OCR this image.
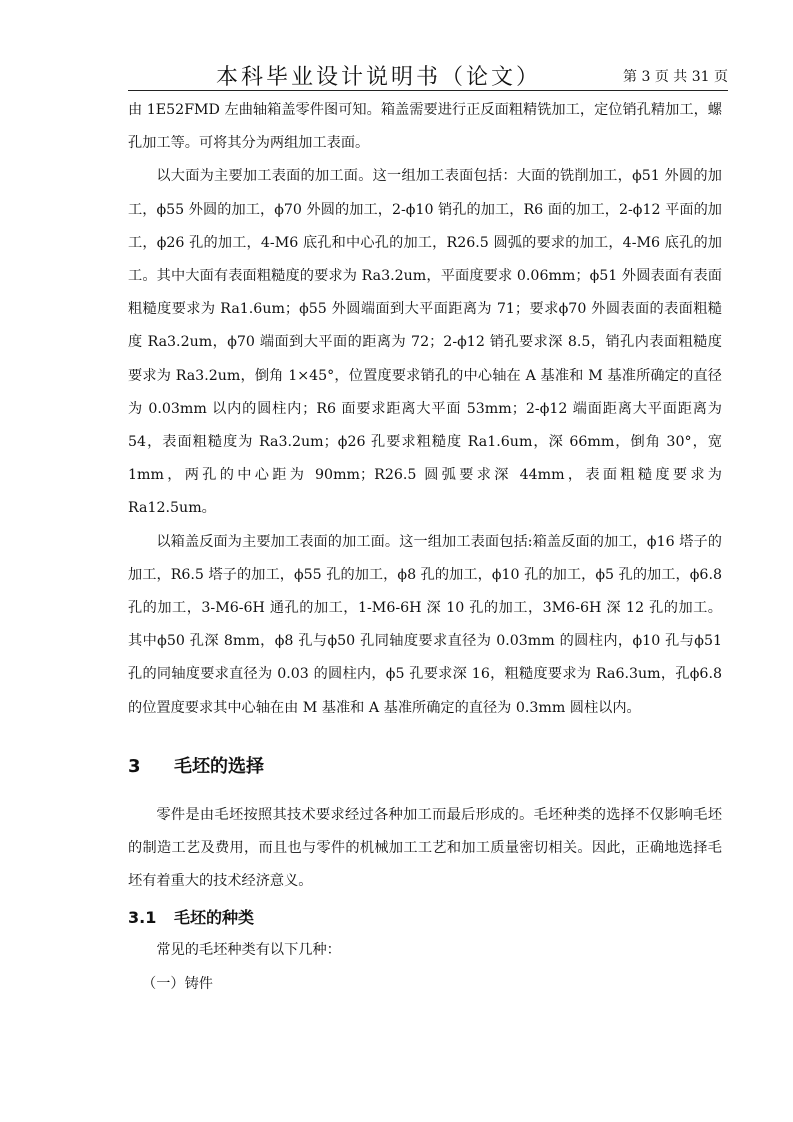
本科毕业设计说明书（论文）	第 3 页 共 31 页

由 1E52FMD 左曲轴箱盖零件图可知。箱盖需要进行正反面粗精铣加工，定位销孔精加工，螺孔加工等。可将其分为两组加工表面。

以大面为主要加工表面的加工面。这一组加工表面包括：大面的铣削加工，ϕ51 外圆的加工，ϕ55 外圆的加工，ϕ70 外圆的加工，2-ϕ10 销孔的加工，R6 面的加工，2-ϕ12 平面的加工，ϕ26 孔的加工，4-M6 底孔和中心孔的加工，R26.5 圆弧的要求的加工，4-M6 底孔的加工。其中大面有表面粗糙度的要求为 Ra3.2um，平面度要求 0.06mm；ϕ51 外圆表面有表面粗糙度要求为 Ra1.6um；ϕ55 外圆端面到大平面距离为 71；要求ϕ70 外圆表面的表面粗糙度 Ra3.2um，ϕ70 端面到大平面的距离为 72；2-ϕ12 销孔要求深 8.5，销孔内表面粗糙度要求为 Ra3.2um，倒角 1×45°，位置度要求销孔的中心轴在 A 基准和 M 基准所确定的直径为 0.03mm 以内的圆柱内；R6 面要求距离大平面 53mm；2-ϕ12 端面距离大平面距离为 54，表面粗糙度为 Ra3.2um；ϕ26 孔要求粗糙度 Ra1.6um，深 66mm，倒角 30°，宽 1mm，两孔的中心距为 90mm；R26.5 圆弧要求深 44mm，表面粗糙度要求为 Ra12.5um。

以箱盖反面为主要加工表面的加工面。这一组加工表面包括:箱盖反面的加工，ϕ16 塔子的加工，R6.5 塔子的加工，ϕ55 孔的加工，ϕ8 孔的加工，ϕ10 孔的加工，ϕ5 孔的加工，ϕ6.8 孔的加工，3-M6-6H 通孔的加工，1-M6-6H 深 10 孔的加工，3M6-6H 深 12 孔的加工。其中ϕ50 孔深 8mm，ϕ8 孔与ϕ50 孔同轴度要求直径为 0.03mm 的圆柱内，ϕ10 孔与ϕ51 孔的同轴度要求直径为 0.03 的圆柱内，ϕ5 孔要求深 16，粗糙度要求为 Ra6.3um，孔ϕ6.8 的位置度要求其中心轴在由 M 基准和 A 基准所确定的直径为 0.3mm 圆柱以内。

3 毛坯的选择

零件是由毛坯按照其技术要求经过各种加工而最后形成的。毛坯种类的选择不仅影响毛坯的制造工艺及费用，而且也与零件的机械加工工艺和加工质量密切相关。因此，正确地选择毛坯有着重大的技术经济意义。

3.1 毛坯的种类

常见的毛坯种类有以下几种：

（一）铸件
